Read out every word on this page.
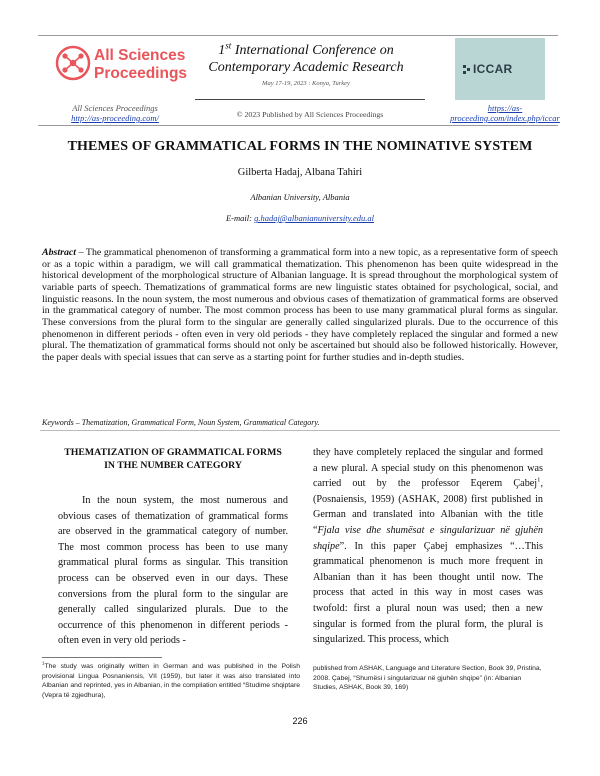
All Sciences
Proceedings
1st International Conference on
Contemporary Academic Research
May 17-19, 2023 : Konya, Turkey
ICCAR
All Sciences Proceedings
http://as-proceeding.com/	© 2023 Published by All Sciences Proceedings
https://as-
proceeding.com/index.php/iccar
THEMES OF GRAMMATICAL FORMS IN THE NOMINATIVE SYSTEM
Gilberta Hadaj, Albana Tahiri
Albanian University, Albania
E-mail: g.hadaj@albanianuniversity.edu.al
Abstract – The grammatical phenomenon of transforming a grammatical form into a new topic, as a representative form of speech or as a topic within a paradigm, we will call grammatical thematization. This phenomenon has been quite widespread in the historical development of the morphological structure of Albanian language. It is spread throughout the morphological system of variable parts of speech. Thematizations of grammatical forms are new linguistic states obtained for psychological, social, and linguistic reasons. In the noun system, the most numerous and obvious cases of thematization of grammatical forms are observed in the grammatical category of number. The most common process has been to use many grammatical plural forms as singular. These conversions from the plural form to the singular are generally called singularized plurals. Due to the occurrence of this phenomenon in different periods - often even in very old periods - they have completely replaced the singular and formed a new plural. The thematization of grammatical forms should not only be ascertained but should also be followed historically. However, the paper deals with special issues that can serve as a starting point for further studies and in-depth studies.
Keywords – Thematization, Grammatical Form, Noun System, Grammatical Category.
THEMATIZATION OF GRAMMATICAL FORMS IN THE NUMBER CATEGORY
In the noun system, the most numerous and obvious cases of thematization of grammatical forms are observed in the grammatical category of number. The most common process has been to use many grammatical plural forms as singular. This transition process can be observed even in our days. These conversions from the plural form to the singular are generally called singularized plurals. Due to the occurrence of this phenomenon in different periods - often even in very old periods -
they have completely replaced the singular and formed a new plural. A special study on this phenomenon was carried out by the professor Eqerem Çabej$^1$, (Posnaiensis, 1959) (ASHAK, 2008) first published in German and translated into Albanian with the title “Fjala vise dhe shumësat e singularizuar në gjuhën shqipe”. In this paper Çabej emphasizes “…This grammatical phenomenon is much more frequent in Albanian than it has been thought until now. The process that acted in this way in most cases was twofold: first a plural noun was used; then a new singular is formed from the plural form, the plural is singularized. This process, which
$^1$The study was originally written in German and was published in the Polish provisional Lingua Posnaniensis, VII (1959), but later it was also translated into Albanian and reprinted, yes in Albanian, in the compilation entitled “Studime shqiptare (Vepra të zgjedhura),
published from ASHAK, Language and Literature Section, Book 39, Pristina, 2008. Çabej, “Shumësi i singularizuar në gjuhën shqipe” (in: Albanian Studies, ASHAK, Book 39, 169)
226
